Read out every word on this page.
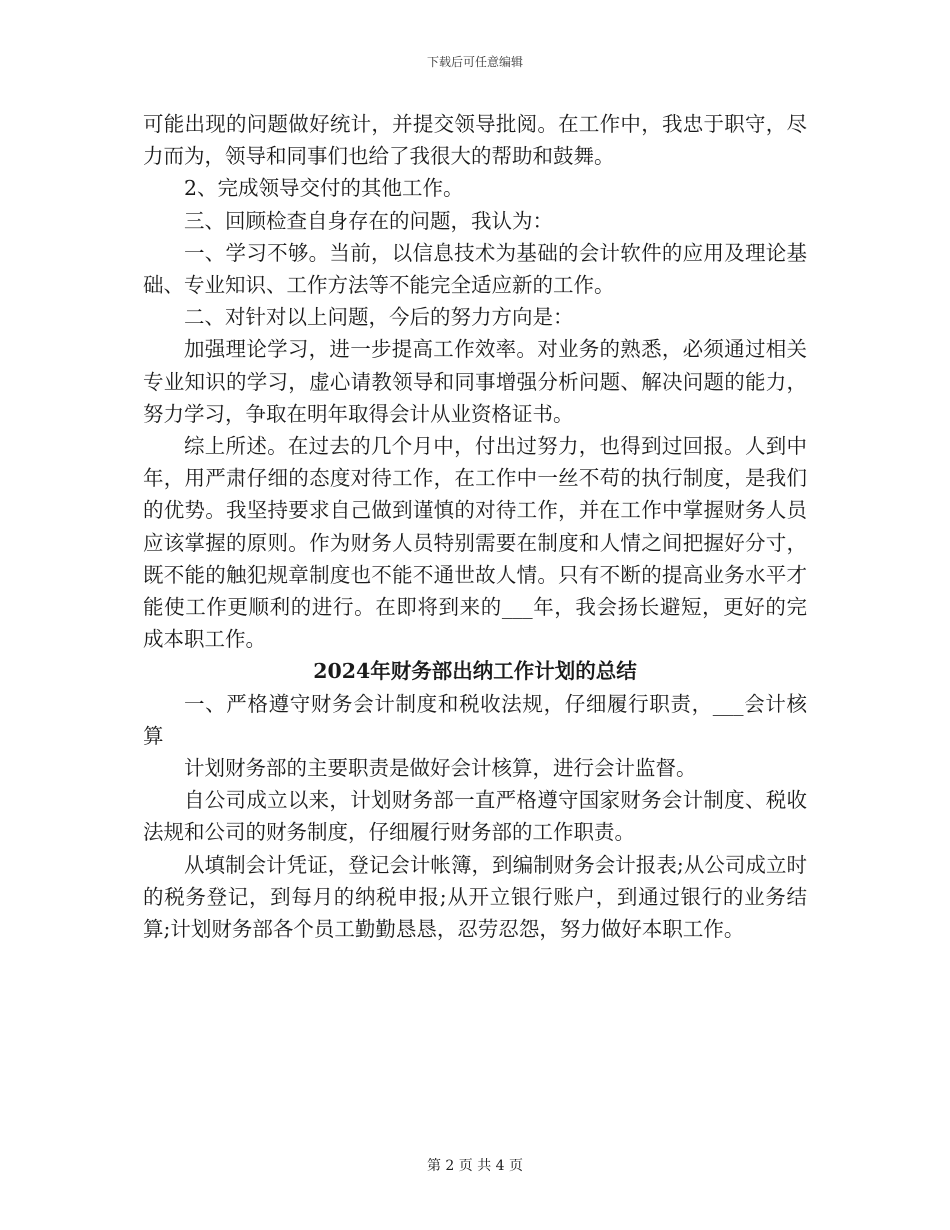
下载后可任意编辑

可能出现的问题做好统计，并提交领导批阅。在工作中，我忠于职守，尽力而为，领导和同事们也给了我很大的帮助和鼓舞。

2、完成领导交付的其他工作。

三、回顾检查自身存在的问题，我认为：

一、学习不够。当前，以信息技术为基础的会计软件的应用及理论基础、专业知识、工作方法等不能完全适应新的工作。

二、对针对以上问题，今后的努力方向是：

加强理论学习，进一步提高工作效率。对业务的熟悉，必须通过相关专业知识的学习，虚心请教领导和同事增强分析问题、解决问题的能力，努力学习，争取在明年取得会计从业资格证书。

综上所述。在过去的几个月中，付出过努力，也得到过回报。人到中年，用严肃仔细的态度对待工作，在工作中一丝不苟的执行制度，是我们的优势。我坚持要求自己做到谨慎的对待工作，并在工作中掌握财务人员应该掌握的原则。作为财务人员特别需要在制度和人情之间把握好分寸，既不能的触犯规章制度也不能不通世故人情。只有不断的提高业务水平才能使工作更顺利的进行。在即将到来的___年，我会扬长避短，更好的完成本职工作。

2024年财务部出纳工作计划的总结

一、严格遵守财务会计制度和税收法规，仔细履行职责，___会计核算

计划财务部的主要职责是做好会计核算，进行会计监督。

自公司成立以来，计划财务部一直严格遵守国家财务会计制度、税收法规和公司的财务制度，仔细履行财务部的工作职责。

从填制会计凭证，登记会计帐簿，到编制财务会计报表;从公司成立时的税务登记，到每月的纳税申报;从开立银行账户，到通过银行的业务结算;计划财务部各个员工勤勤恳恳，忍劳忍怨，努力做好本职工作。

第 2 页 共 4 页
